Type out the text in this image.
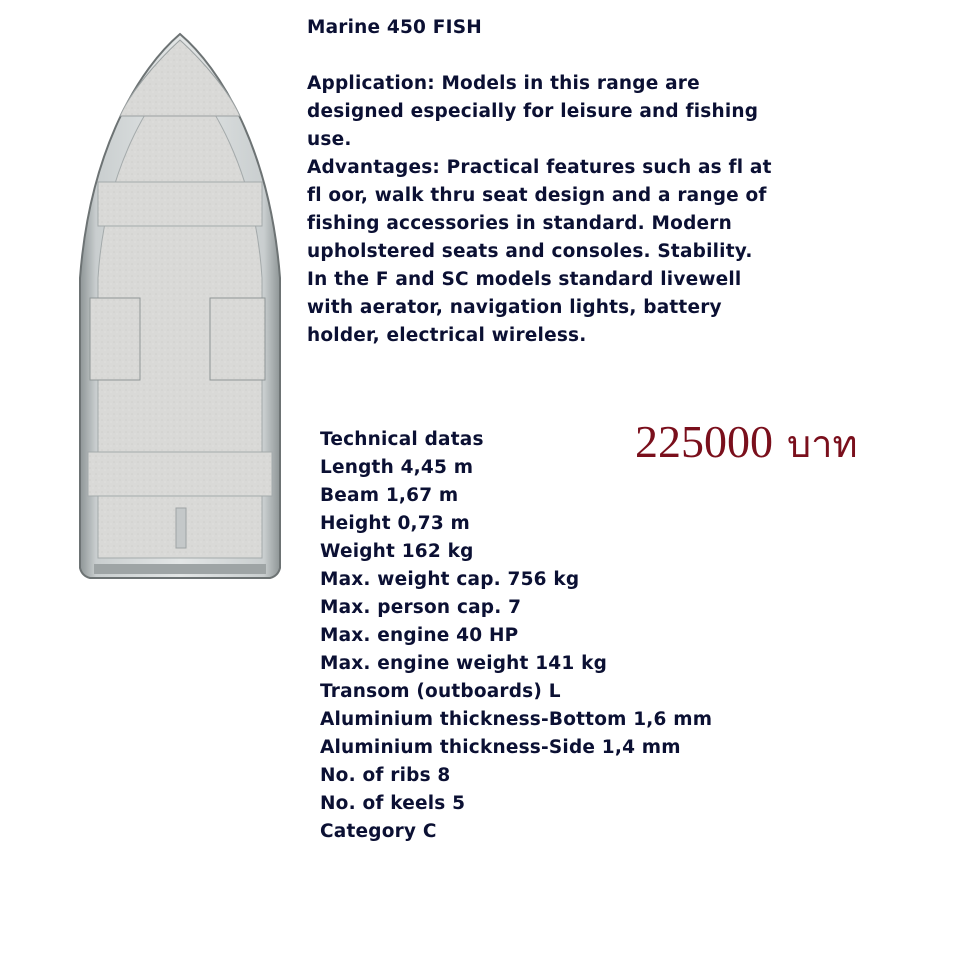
Marine 450 FISH
Application: Models in this range are designed especially for leisure and fishing use.
Advantages: Practical features such as fl at fl oor, walk thru seat design and a range of fishing accessories in standard. Modern upholstered seats and consoles. Stability. In the F and SC models standard livewell with aerator, navigation lights, battery holder, electrical wireless.
225000 บาท
Technical datas
Length 4,45 m
Beam 1,67 m
Height 0,73 m
Weight 162 kg
Max. weight cap. 756 kg
Max. person cap. 7
Max. engine 40 HP
Max. engine weight 141 kg
Transom (outboards) L
Aluminium thickness-Bottom 1,6 mm
Aluminium thickness-Side 1,4 mm
No. of ribs 8
No. of keels 5
Category C
